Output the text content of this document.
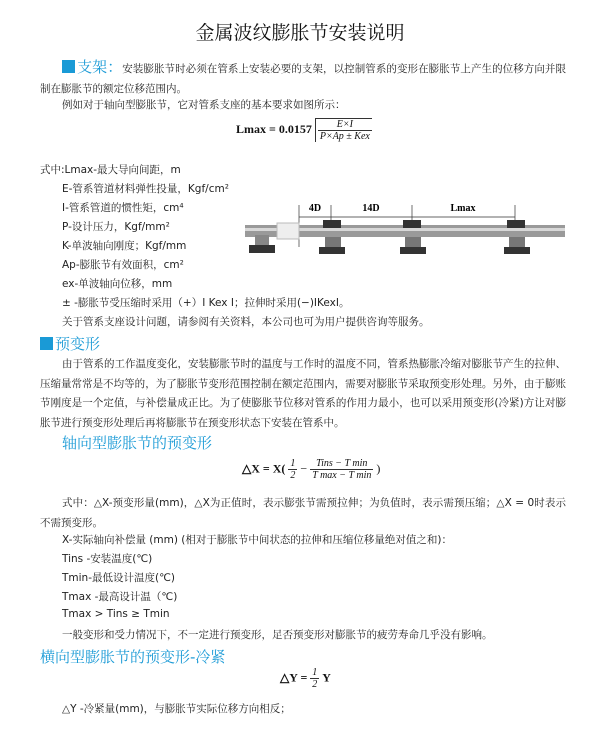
金属波纹膨胀节安装说明
支架：安装膨胀节时必须在管系上安装必要的支架，以控制管系的变形在膨胀节上产生的位移方向并限制在膨胀节的额定位移范围内。
例如对于轴向型膨胀节，它对管系支座的基本要求如图所示：
$Lmax = 0.0157 \frac{E\times I}{\text{P×Ap ± Kex}}$
式中:Lmax-最大导向间距，m
E-管系管道材料弹性投量，Kgf/cm²
I-管系管道的惯性矩，cm⁴
P-设计压力，Kgf/mm²
K-单波轴向刚度；Kgf/mm
Ap-膨胀节有效面积，cm²
ex-单波轴向位移，mm
± -膨胀节受压缩时采用（+）I Kex I；拉伸时采用(−)IKexI。
关于管系支座设计问题，请参阅有关资料，本公司也可为用户提供咨询等服务。
4D	14D	Lmax
预变形
由于管系的工作温度变化，安装膨胀节时的温度与工作时的温度不同，管系热膨胀冷缩对膨胀节产生的拉伸、压缩量常常是不均等的，为了膨胀节变形范围控制在额定范围内，需要对膨胀节采取预变形处理。另外，由于膨账节刚度是一个定值，与补偿量成正比。为了使膨胀节位移对管系的作用力最小，也可以采用预变形(冷紧)方让对膨胀节进行预变形处理后再将膨胀节在预变形状态下安装在管系中。
轴向型膨胀节的预变形
△X = $X( \frac{1}{2} - \frac{\text{Tins − T min}}{\text{T max − T min}}$ )
式中：△X-预变形量(mm)，△X为正值时，表示膨张节需预拉伸；为负值时，表示需预压缩；△X = 0时表示不需预变形。
X-实际轴向补偿量 (mm) (相对于膨胀节中间状态的拉伸和压缩位移量绝对值之和)：
Tins -安装温度(℃)
Tmin-最低设计温度(℃)
Tmax -最高设计温（℃)
Tmax > Tins ≥ Tmin
一般变形和受力情况下，不一定进行预变形，足否预变形对膨胀节的疲劳寿命几乎没有影响。
横向型膨胀节的预变形-冷紧
△Y = $\frac{1}{2}$ Y
△Y -冷紧量(mm)，与膨胀节实际位移方向相反；
